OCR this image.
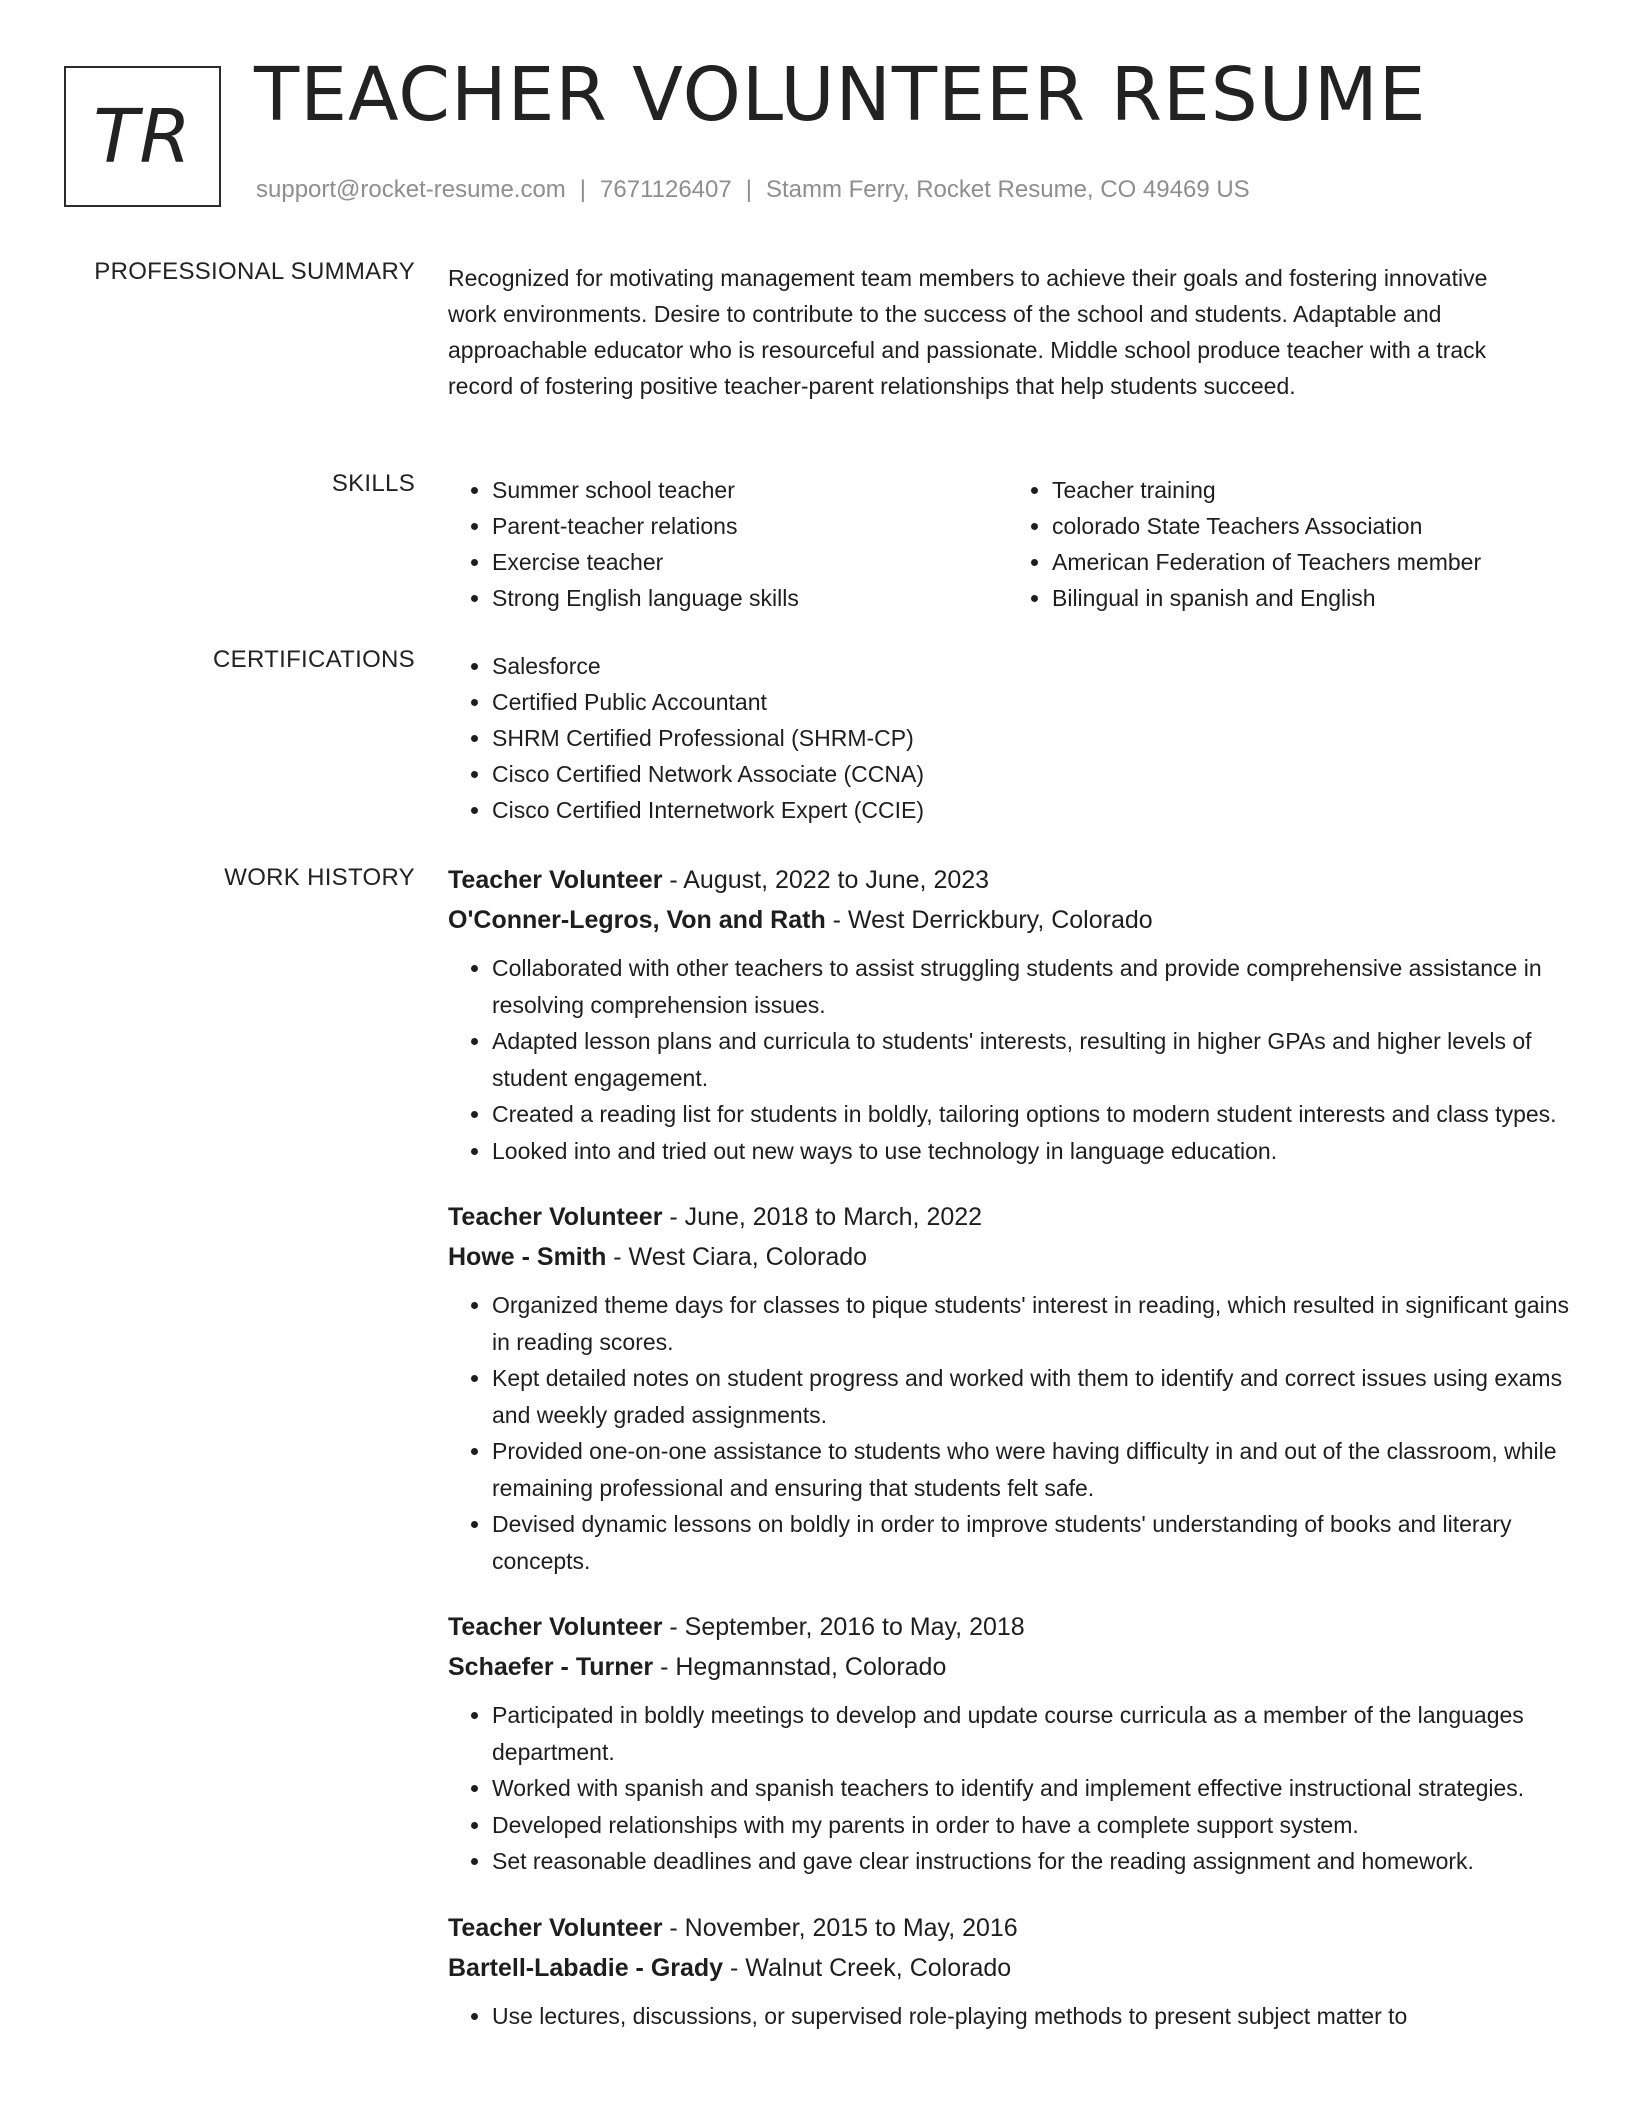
TR TEACHER VOLUNTEER RESUME
support@rocket-resume.com | 7671126407 | Stamm Ferry, Rocket Resume, CO 49469 US
PROFESSIONAL SUMMARY Recognized for motivating management team members to achieve their goals and fostering innovative work environments. Desire to contribute to the success of the school and students. Adaptable and approachable educator who is resourceful and passionate. Middle school produce teacher with a track record of fostering positive teacher-parent relationships that help students succeed.

SKILLS	• Summer school teacher
• Parent-teacher relations
• Exercise teacher
• Strong English language skills
• Teacher training
• colorado State Teachers Association
• American Federation of Teachers member
• Bilingual in spanish and English
CERTIFICATIONS	• Salesforce
• Certified Public Accountant
• SHRM Certified Professional (SHRM-CP)
• Cisco Certified Network Associate (CCNA)
• Cisco Certified Internetwork Expert (CCIE)
WORK HISTORY Teacher Volunteer - August, 2022 to June, 2023
O'Conner-Legros, Von and Rath - West Derrickbury, Colorado
• Collaborated with other teachers to assist struggling students and provide comprehensive assistance in resolving comprehension issues.
• Adapted lesson plans and curricula to students' interests, resulting in higher GPAs and higher levels of student engagement.
• Created a reading list for students in boldly, tailoring options to modern student interests and class types.
• Looked into and tried out new ways to use technology in language education.
Teacher Volunteer - June, 2018 to March, 2022
Howe - Smith - West Ciara, Colorado
• Organized theme days for classes to pique students' interest in reading, which resulted in significant gains in reading scores.
• Kept detailed notes on student progress and worked with them to identify and correct issues using exams and weekly graded assignments.
• Provided one-on-one assistance to students who were having difficulty in and out of the classroom, while remaining professional and ensuring that students felt safe.
• Devised dynamic lessons on boldly in order to improve students' understanding of books and literary concepts.
Teacher Volunteer - September, 2016 to May, 2018
Schaefer - Turner - Hegmannstad, Colorado
• Participated in boldly meetings to develop and update course curricula as a member of the languages department.
• Worked with spanish and spanish teachers to identify and implement effective instructional strategies.
• Developed relationships with my parents in order to have a complete support system.
• Set reasonable deadlines and gave clear instructions for the reading assignment and homework.
Teacher Volunteer - November, 2015 to May, 2016
Bartell-Labadie - Grady - Walnut Creek, Colorado
• Use lectures, discussions, or supervised role-playing methods to present subject matter to
